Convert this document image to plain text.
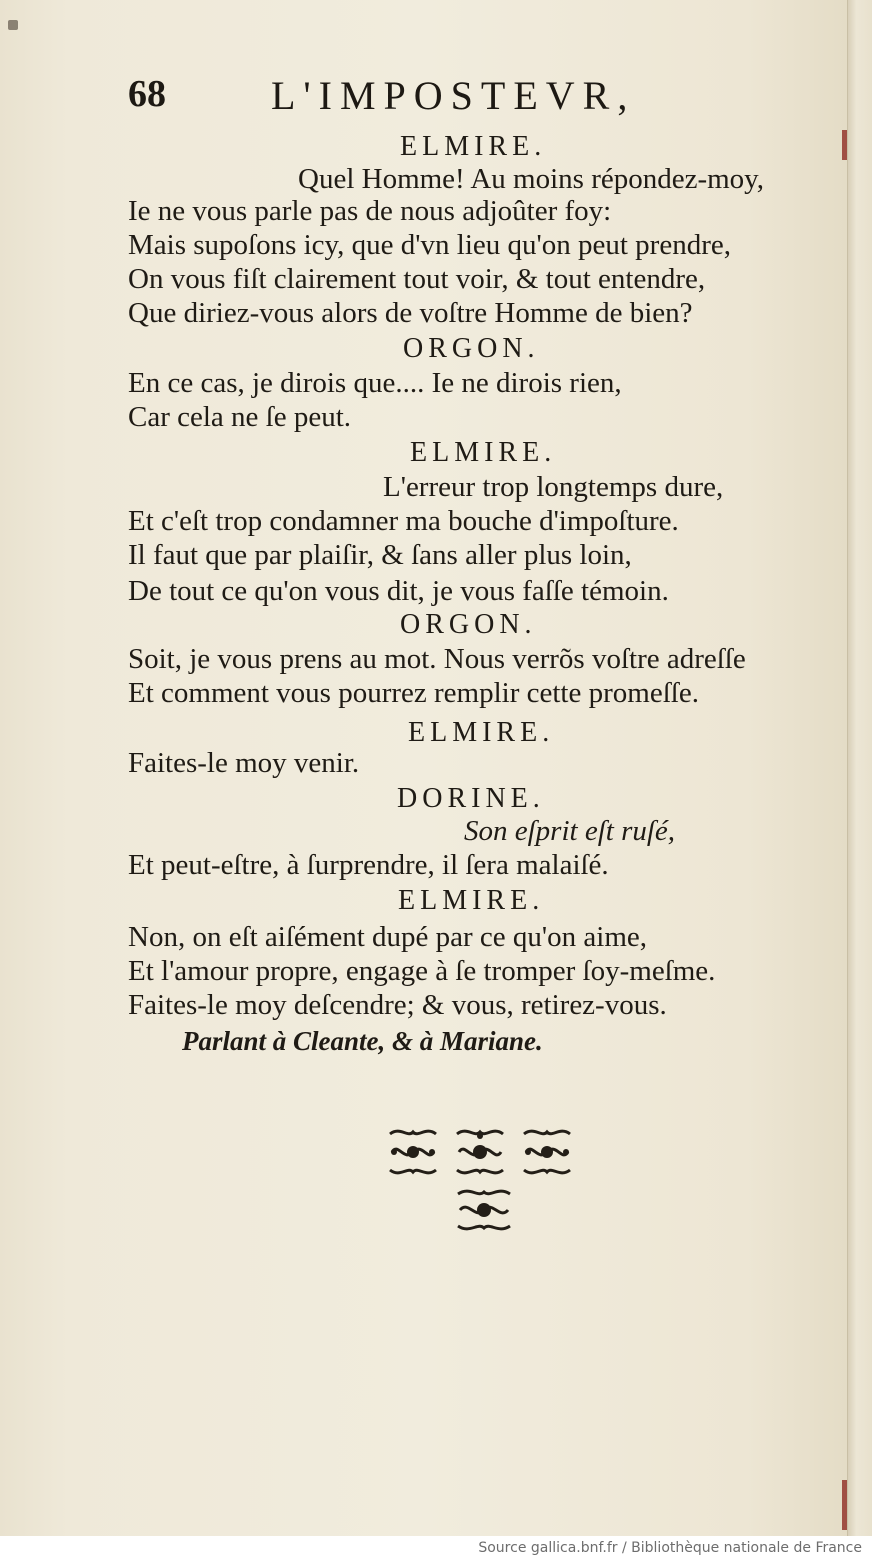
68	L'IMPOSTEVR,
ELMIRE.
Quel Homme! Au moins répondez-moy,
Ie ne vous parle pas de nous adjoûter foy:
Mais supoſons icy, que d'vn lieu qu'on peut prendre,
On vous fiſt clairement tout voir, & tout entendre,
Que diriez-vous alors de voſtre Homme de bien?
ORGON.
En ce cas, je dirois que.... Ie ne dirois rien,
Car cela ne ſe peut.
ELMIRE.
L'erreur trop longtemps dure,
Et c'eſt trop condamner ma bouche d'impoſture.
Il faut que par plaiſir, & ſans aller plus loin,
De tout ce qu'on vous dit, je vous faſſe témoin.
ORGON.
Soit, je vous prens au mot. Nous verrõs voſtre adreſſe
Et comment vous pourrez remplir cette promeſſe.
ELMIRE.
Faites-le moy venir.
DORINE.
Son eſprit eſt ruſé,
Et peut-eſtre, à ſurprendre, il ſera malaiſé.
ELMIRE.
Non, on eſt aiſément dupé par ce qu'on aime,
Et l'amour propre, engage à ſe tromper ſoy-meſme.
Faites-le moy deſcendre; & vous, retirez-vous.
Parlant à Cleante, & à Mariane.
Source gallica.bnf.fr / Bibliothèque nationale de France
